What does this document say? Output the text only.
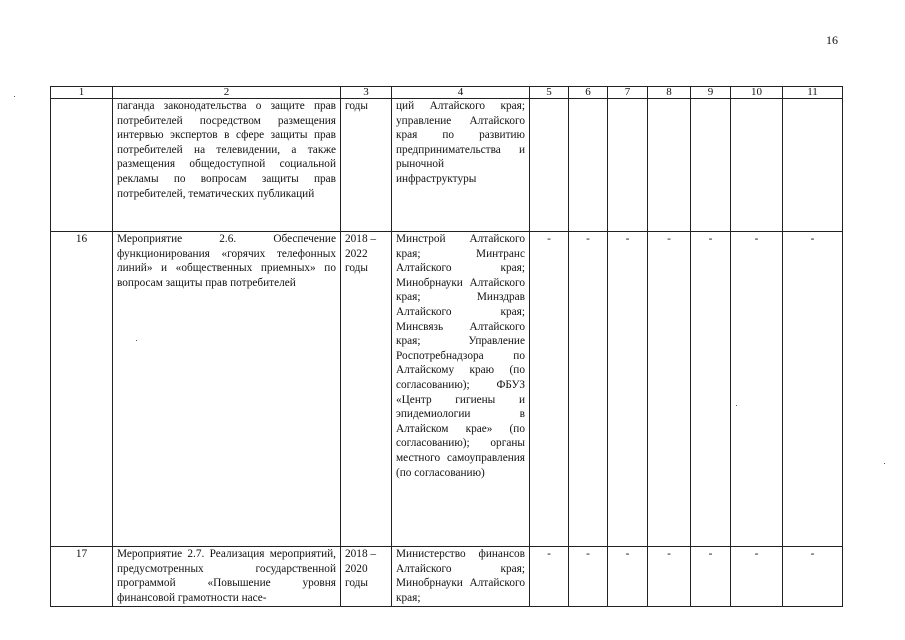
16
1	2	3	4	5	6	7	8	9	10	11
	паганда законодательства о защите прав потребителей посредством размещения интервью экспертов в сфере защиты прав потребителей на телевидении, а также размещения общедоступной социальной рекламы по вопросам защиты прав потребителей, тематических публикаций	годы	ций Алтайского края; управление Алтайского края по развитию предпринимательства и рыночной инфраструктуры							
16	Мероприятие 2.6. Обеспечение функционирования «горячих телефонных линий» и «общественных приемных» по вопросам защиты прав потребителей	2018 – 2022 годы	Минстрой Алтайского края; Минтранс Алтайского края; Минобрнауки Алтайского края; Минздрав Алтайского края; Минсвязь Алтайского края; Управление Роспотребнадзора по Алтайскому краю (по согласованию); ФБУЗ «Центр гигиены и эпидемиологии в Алтайском крае» (по согласованию); органы местного самоуправления (по согласованию)	-	-	-	-	-	-	-
17	Мероприятие 2.7. Реализация мероприятий, предусмотренных государственной программой «Повышение уровня финансовой грамотности насе-	2018 – 2020 годы	Министерство финансов Алтайского края; Минобрнауки Алтайского края;	-	-	-	-	-	-	-
